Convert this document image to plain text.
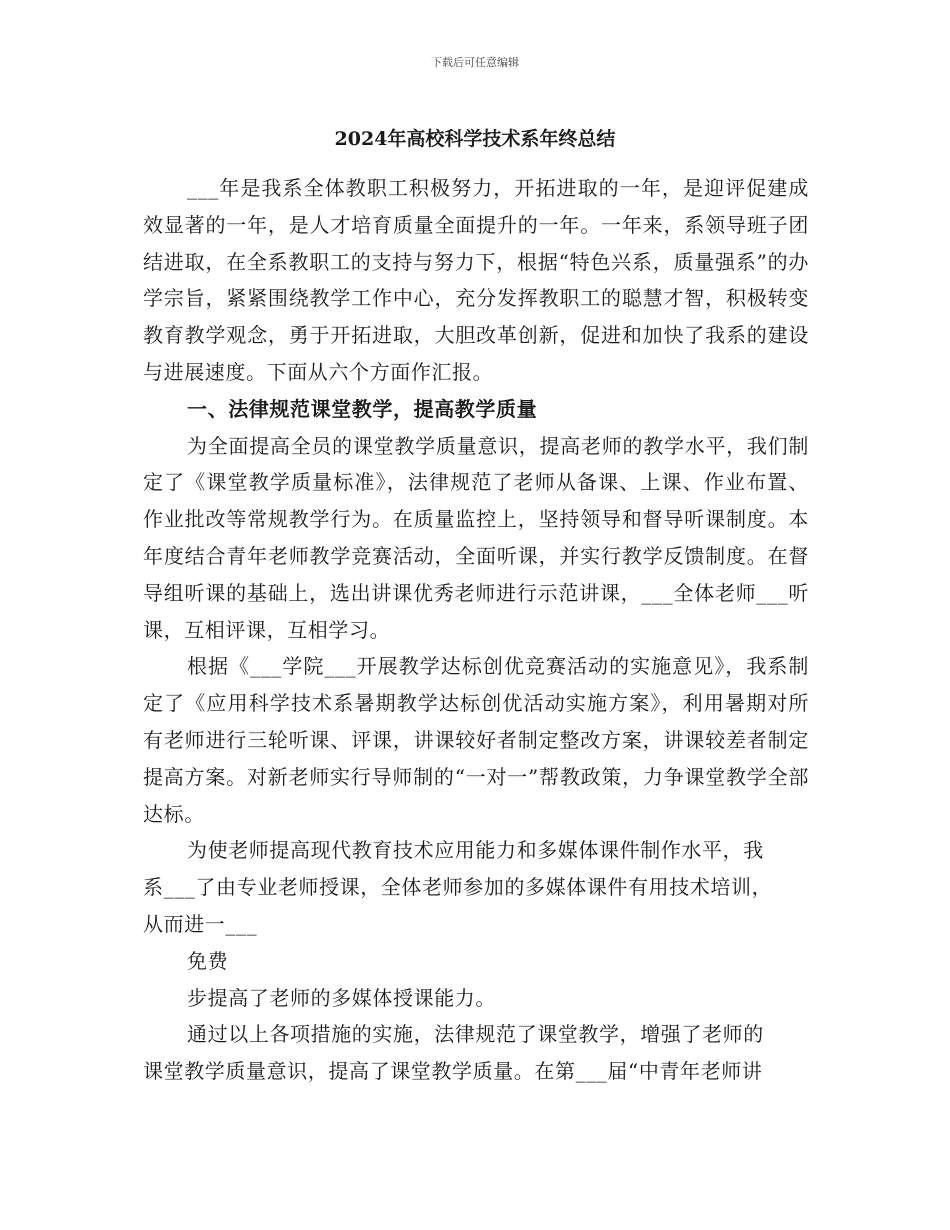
下载后可任意编辑
2024年高校科学技术系年终总结

___年是我系全体教职工积极努力，开拓进取的一年，是迎评促建成效显著的一年，是人才培育质量全面提升的一年。一年来，系领导班子团结进取，在全系教职工的支持与努力下，根据“特色兴系，质量强系”的办学宗旨，紧紧围绕教学工作中心，充分发挥教职工的聪慧才智，积极转变教育教学观念，勇于开拓进取，大胆改革创新，促进和加快了我系的建设与进展速度。下面从六个方面作汇报。

一、法律规范课堂教学，提高教学质量

为全面提高全员的课堂教学质量意识，提高老师的教学水平，我们制定了《课堂教学质量标准》，法律规范了老师从备课、上课、作业布置、作业批改等常规教学行为。在质量监控上，坚持领导和督导听课制度。本年度结合青年老师教学竞赛活动，全面听课，并实行教学反馈制度。在督导组听课的基础上，选出讲课优秀老师进行示范讲课，___全体老师___听课，互相评课，互相学习。

根据《___学院___开展教学达标创优竞赛活动的实施意见》，我系制定了《应用科学技术系暑期教学达标创优活动实施方案》，利用暑期对所有老师进行三轮听课、评课，讲课较好者制定整改方案，讲课较差者制定提高方案。对新老师实行导师制的“一对一”帮教政策，力争课堂教学全部达标。

为使老师提高现代教育技术应用能力和多媒体课件制作水平，我
系___了由专业老师授课，全体老师参加的多媒体课件有用技术培训，
从而进一___

免费

步提高了老师的多媒体授课能力。

通过以上各项措施的实施，法律规范了课堂教学，增强了老师的
课堂教学质量意识，提高了课堂教学质量。在第___届“中青年老师讲
